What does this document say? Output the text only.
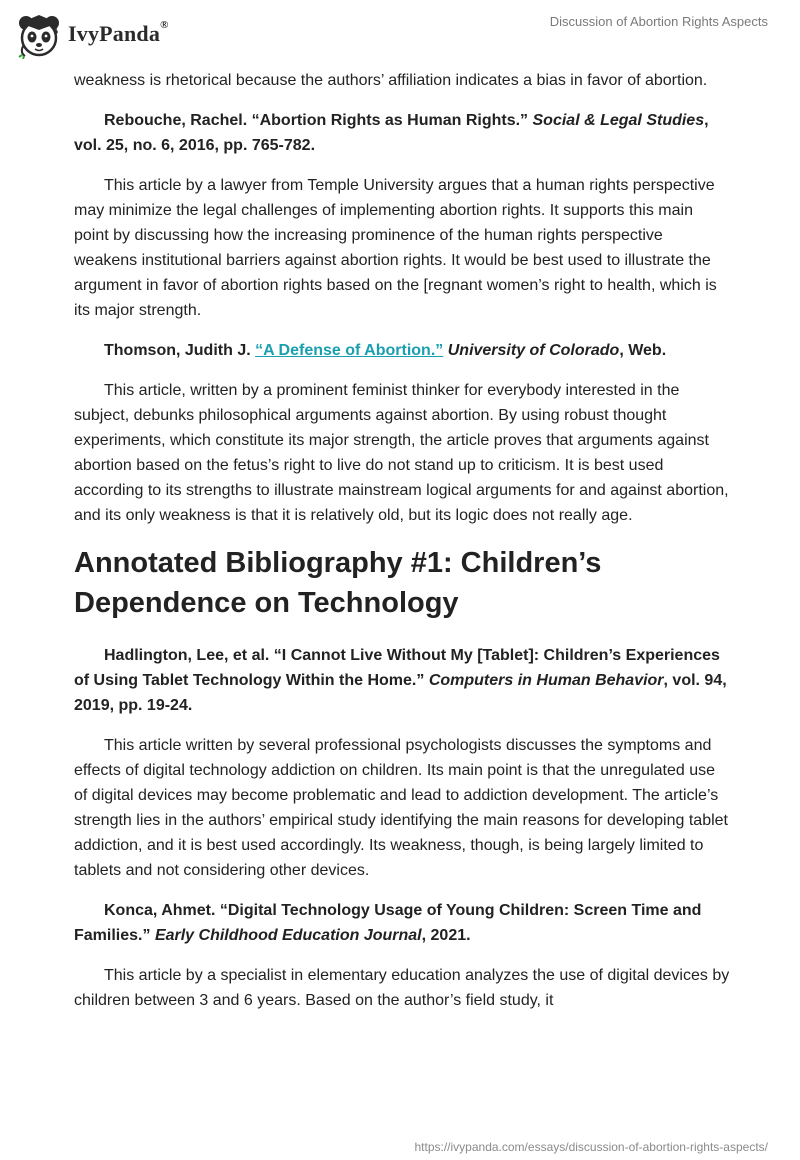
IvyPanda®	Discussion of Abortion Rights Aspects

weakness is rhetorical because the authors’ affiliation indicates a bias in favor of abortion.

Rebouche, Rachel. “Abortion Rights as Human Rights.” Social & Legal Studies, vol. 25, no. 6, 2016, pp. 765-782.

This article by a lawyer from Temple University argues that a human rights perspective may minimize the legal challenges of implementing abortion rights. It supports this main point by discussing how the increasing prominence of the human rights perspective weakens institutional barriers against abortion rights. It would be best used to illustrate the argument in favor of abortion rights based on the [regnant women’s right to health, which is its major strength.

Thomson, Judith J. “A Defense of Abortion.” University of Colorado, Web.

This article, written by a prominent feminist thinker for everybody interested in the subject, debunks philosophical arguments against abortion. By using robust thought experiments, which constitute its major strength, the article proves that arguments against abortion based on the fetus’s right to live do not stand up to criticism. It is best used according to its strengths to illustrate mainstream logical arguments for and against abortion, and its only weakness is that it is relatively old, but its logic does not really age.

Annotated Bibliography #1: Children’s Dependence on Technology

Hadlington, Lee, et al. “I Cannot Live Without My [Tablet]: Children’s Experiences of Using Tablet Technology Within the Home.” Computers in Human Behavior, vol. 94, 2019, pp. 19-24.

This article written by several professional psychologists discusses the symptoms and effects of digital technology addiction on children. Its main point is that the unregulated use of digital devices may become problematic and lead to addiction development. The article’s strength lies in the authors’ empirical study identifying the main reasons for developing tablet addiction, and it is best used accordingly. Its weakness, though, is being largely limited to tablets and not considering other devices.

Konca, Ahmet. “Digital Technology Usage of Young Children: Screen Time and Families.” Early Childhood Education Journal, 2021.

This article by a specialist in elementary education analyzes the use of digital devices by children between 3 and 6 years. Based on the author’s field study, it

https://ivypanda.com/essays/discussion-of-abortion-rights-aspects/
